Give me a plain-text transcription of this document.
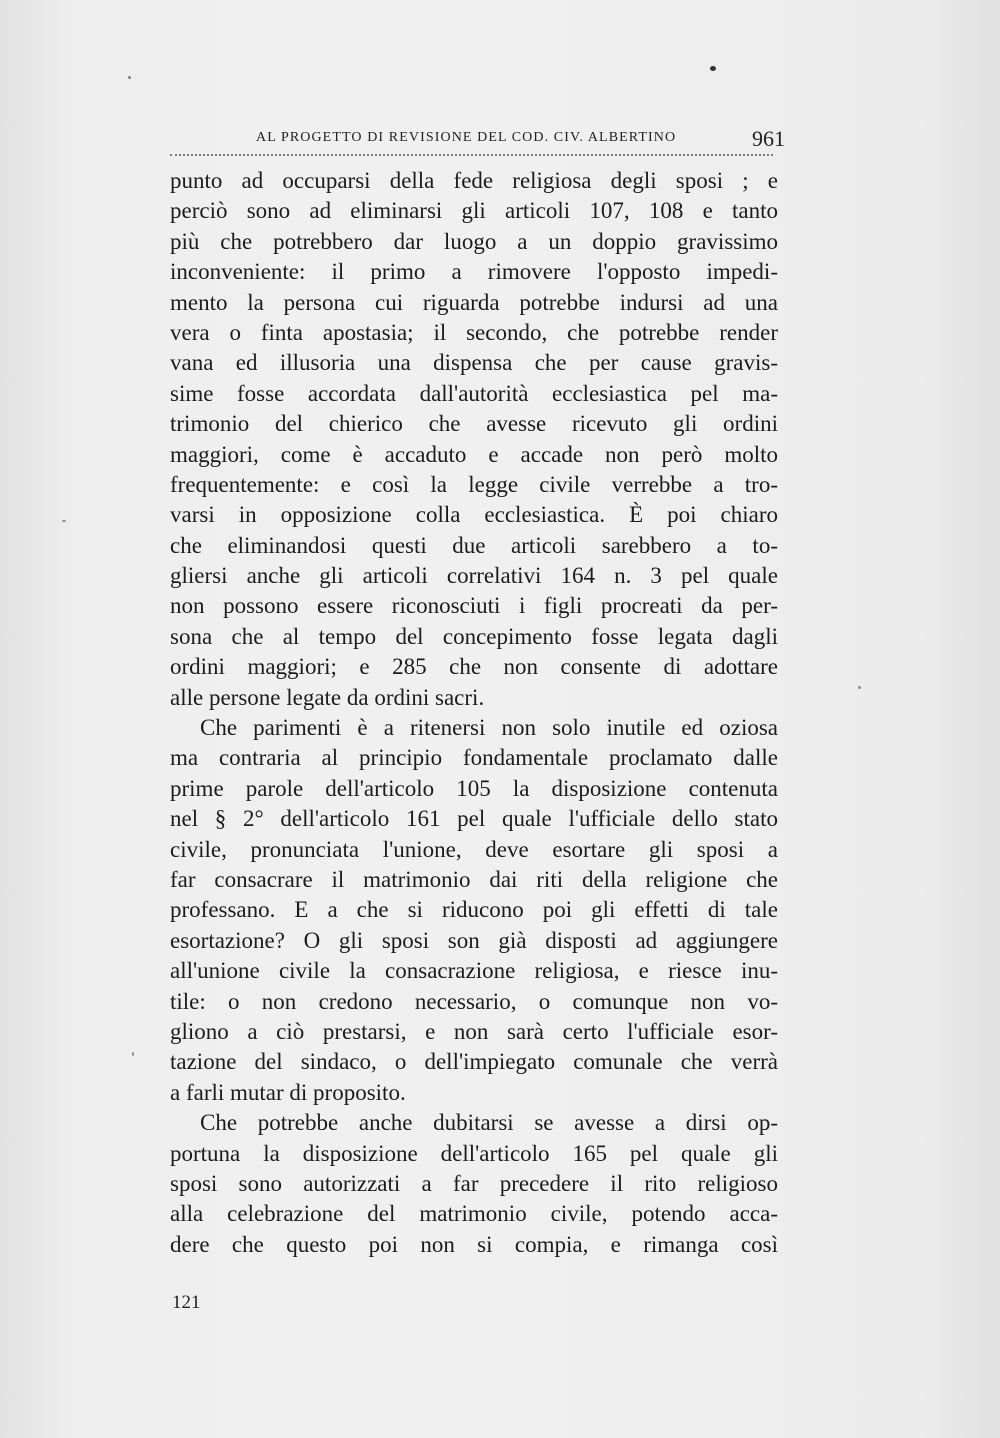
AL PROGETTO DI REVISIONE DEL COD. CIV. ALBERTINO	961
punto ad occuparsi della fede religiosa degli sposi ; e
perciò sono ad eliminarsi gli articoli 107, 108 e tanto
più che potrebbero dar luogo a un doppio gravissimo
inconveniente: il primo a rimovere l'opposto impedi-
mento la persona cui riguarda potrebbe indursi ad una
vera o finta apostasia; il secondo, che potrebbe render
vana ed illusoria una dispensa che per cause gravis-
sime fosse accordata dall'autorità ecclesiastica pel ma-
trimonio del chierico che avesse ricevuto gli ordini
maggiori, come è accaduto e accade non però molto
frequentemente: e così la legge civile verrebbe a tro-
varsi in opposizione colla ecclesiastica. È poi chiaro
che eliminandosi questi due articoli sarebbero a to-
gliersi anche gli articoli correlativi 164 n. 3 pel quale
non possono essere riconosciuti i figli procreati da per-
sona che al tempo del concepimento fosse legata dagli
ordini maggiori; e 285 che non consente di adottare
alle persone legate da ordini sacri.
Che parimenti è a ritenersi non solo inutile ed oziosa
ma contraria al principio fondamentale proclamato dalle
prime parole dell'articolo 105 la disposizione contenuta
nel § 2° dell'articolo 161 pel quale l'ufficiale dello stato
civile, pronunciata l'unione, deve esortare gli sposi a
far consacrare il matrimonio dai riti della religione che
professano. E a che si riducono poi gli effetti di tale
esortazione? O gli sposi son già disposti ad aggiungere
all'unione civile la consacrazione religiosa, e riesce inu-
tile: o non credono necessario, o comunque non vo-
gliono a ciò prestarsi, e non sarà certo l'ufficiale esor-
tazione del sindaco, o dell'impiegato comunale che verrà
a farli mutar di proposito.
Che potrebbe anche dubitarsi se avesse a dirsi op-
portuna la disposizione dell'articolo 165 pel quale gli
sposi sono autorizzati a far precedere il rito religioso
alla celebrazione del matrimonio civile, potendo acca-
dere che questo poi non si compia, e rimanga così
121
